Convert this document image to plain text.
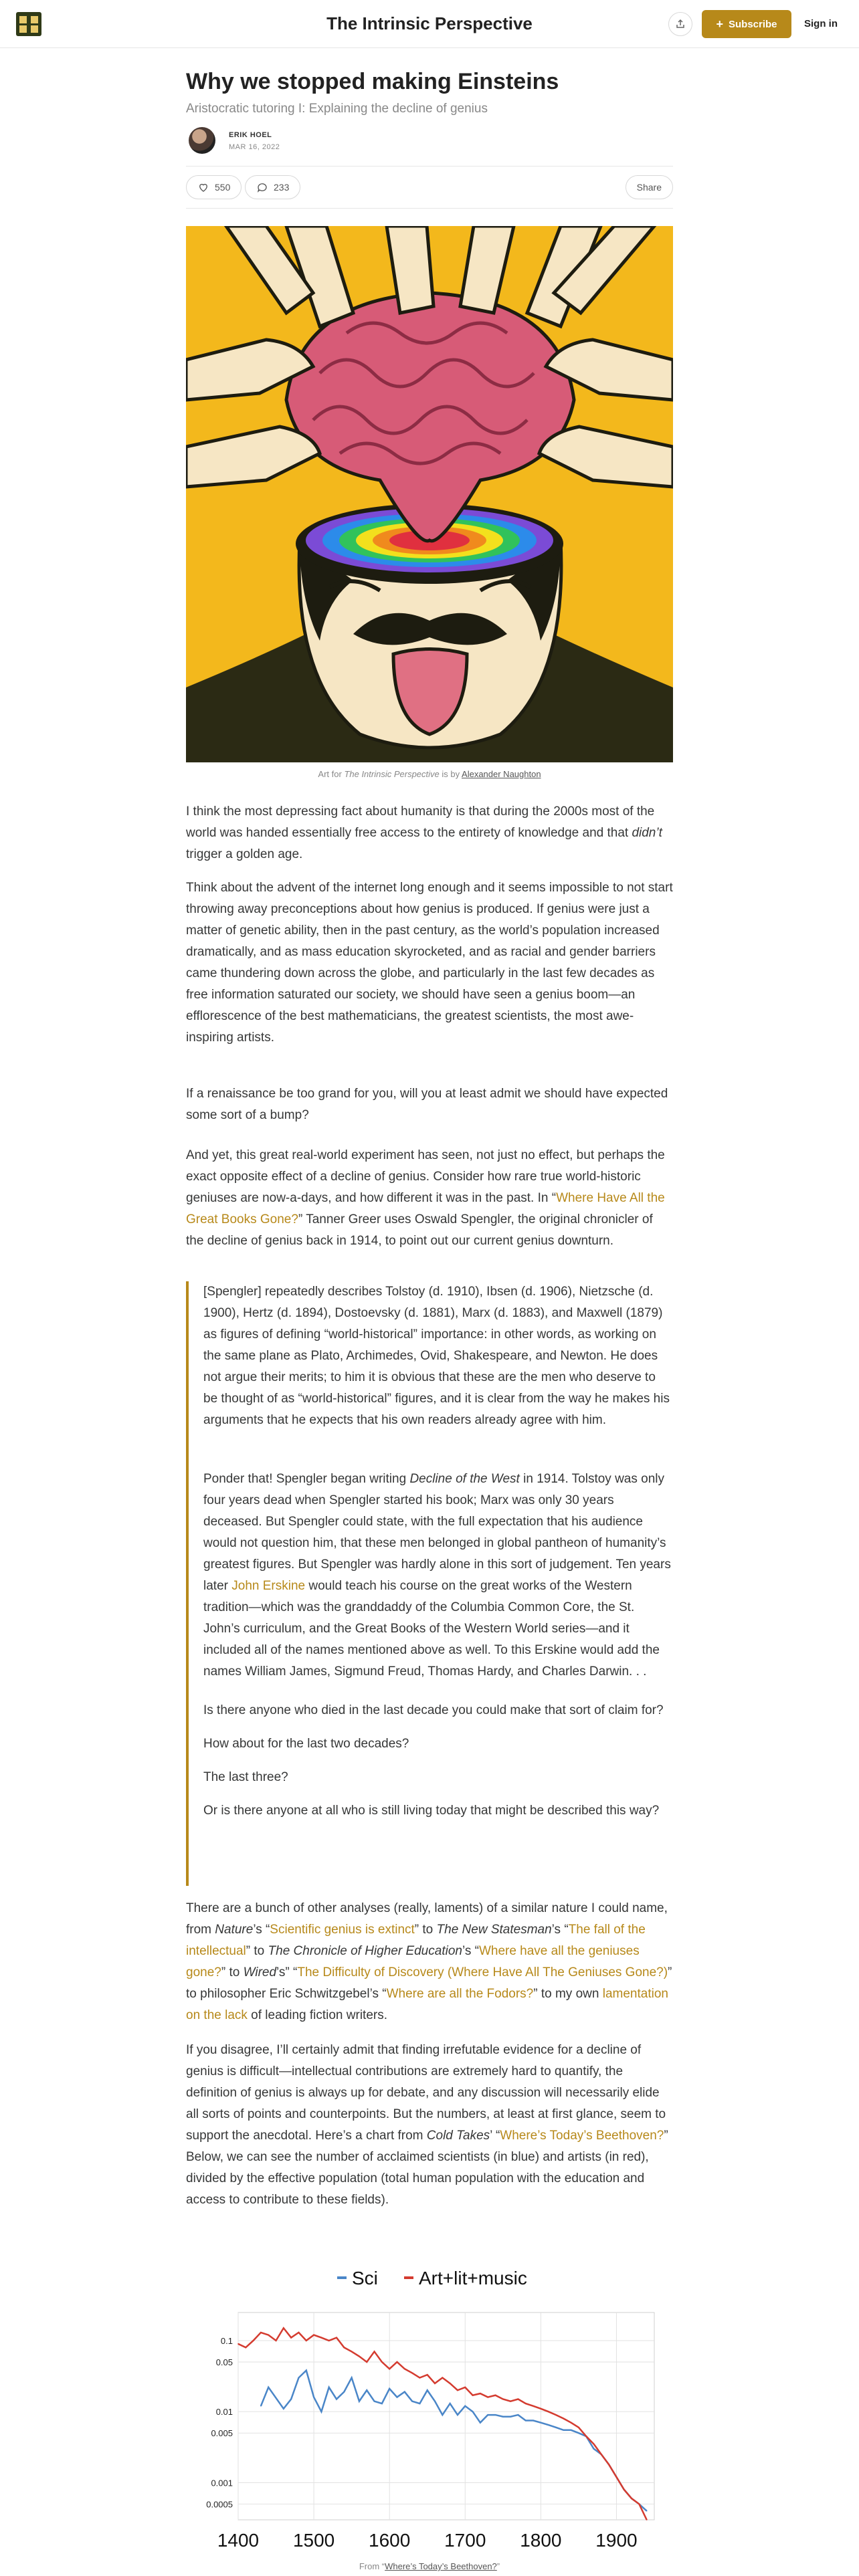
The Intrinsic Perspective	+ Subscribe	Sign in
Why we stopped making Einsteins
Aristocratic tutoring I: Explaining the decline of genius
ERIK HOEL
MAR 16, 2022
550	233	Share
Art for The Intrinsic Perspective is by Alexander Naughton
I think the most depressing fact about humanity is that during the 2000s most of the world was handed essentially free access to the entirety of knowledge and that didn’t trigger a golden age.
Think about the advent of the internet long enough and it seems impossible to not start throwing away preconceptions about how genius is produced. If genius were just a matter of genetic ability, then in the past century, as the world’s population increased dramatically, and as mass education skyrocketed, and as racial and gender barriers came thundering down across the globe, and particularly in the last few decades as free information saturated our society, we should have seen a genius boom—an efflorescence of the best mathematicians, the greatest scientists, the most awe-inspiring artists.
If a renaissance be too grand for you, will you at least admit we should have expected some sort of a bump?
And yet, this great real-world experiment has seen, not just no effect, but perhaps the exact opposite effect of a decline of genius. Consider how rare true world-historic geniuses are now-a-days, and how different it was in the past. In “Where Have All the Great Books Gone?” Tanner Greer uses Oswald Spengler, the original chronicler of the decline of genius back in 1914, to point out our current genius downturn.
[Spengler] repeatedly describes Tolstoy (d. 1910), Ibsen (d. 1906), Nietzsche (d. 1900), Hertz (d. 1894), Dostoevsky (d. 1881), Marx (d. 1883), and Maxwell (1879) as figures of defining “world-historical” importance: in other words, as working on the same plane as Plato, Archimedes, Ovid, Shakespeare, and Newton. He does not argue their merits; to him it is obvious that these are the men who deserve to be thought of as “world-historical” figures, and it is clear from the way he makes his arguments that he expects that his own readers already agree with him.
Ponder that! Spengler began writing Decline of the West in 1914. Tolstoy was only four years dead when Spengler started his book; Marx was only 30 years deceased. But Spengler could state, with the full expectation that his audience would not question him, that these men belonged in global pantheon of humanity’s greatest figures. But Spengler was hardly alone in this sort of judgement. Ten years later John Erskine would teach his course on the great works of the Western tradition—which was the granddaddy of the Columbia Common Core, the St. John’s curriculum, and the Great Books of the Western World series—and it included all of the names mentioned above as well. To this Erskine would add the names William James, Sigmund Freud, Thomas Hardy, and Charles Darwin. . .
Is there anyone who died in the last decade you could make that sort of claim for?
How about for the last two decades?
The last three?
Or is there anyone at all who is still living today that might be described this way?
There are a bunch of other analyses (really, laments) of a similar nature I could name, from Nature’s “Scientific genius is extinct” to The New Statesman’s “The fall of the intellectual” to The Chronicle of Higher Education’s “Where have all the geniuses gone?” to Wired’s” “The Difficulty of Discovery (Where Have All The Geniuses Gone?)” to philosopher Eric Schwitzgebel’s “Where are all the Fodors?” to my own lamentation on the lack of leading fiction writers.
If you disagree, I’ll certainly admit that finding irrefutable evidence for a decline of genius is difficult—intellectual contributions are extremely hard to quantify, the definition of genius is always up for debate, and any discussion will necessarily elide all sorts of points and counterpoints. But the numbers, at least at first glance, seem to support the anecdotal. Here’s a chart from Cold Takes’ “Where’s Today’s Beethoven?” Below, we can see the number of acclaimed scientists (in blue) and artists (in red), divided by the effective population (total human population with the education and access to contribute to these fields).
0.1
0.05
0.01
0.005
0.001
0.0005
1400 1500 1600 1700 1800 1900
Sci Art+lit+music
From “Where’s Today’s Beethoven?”
